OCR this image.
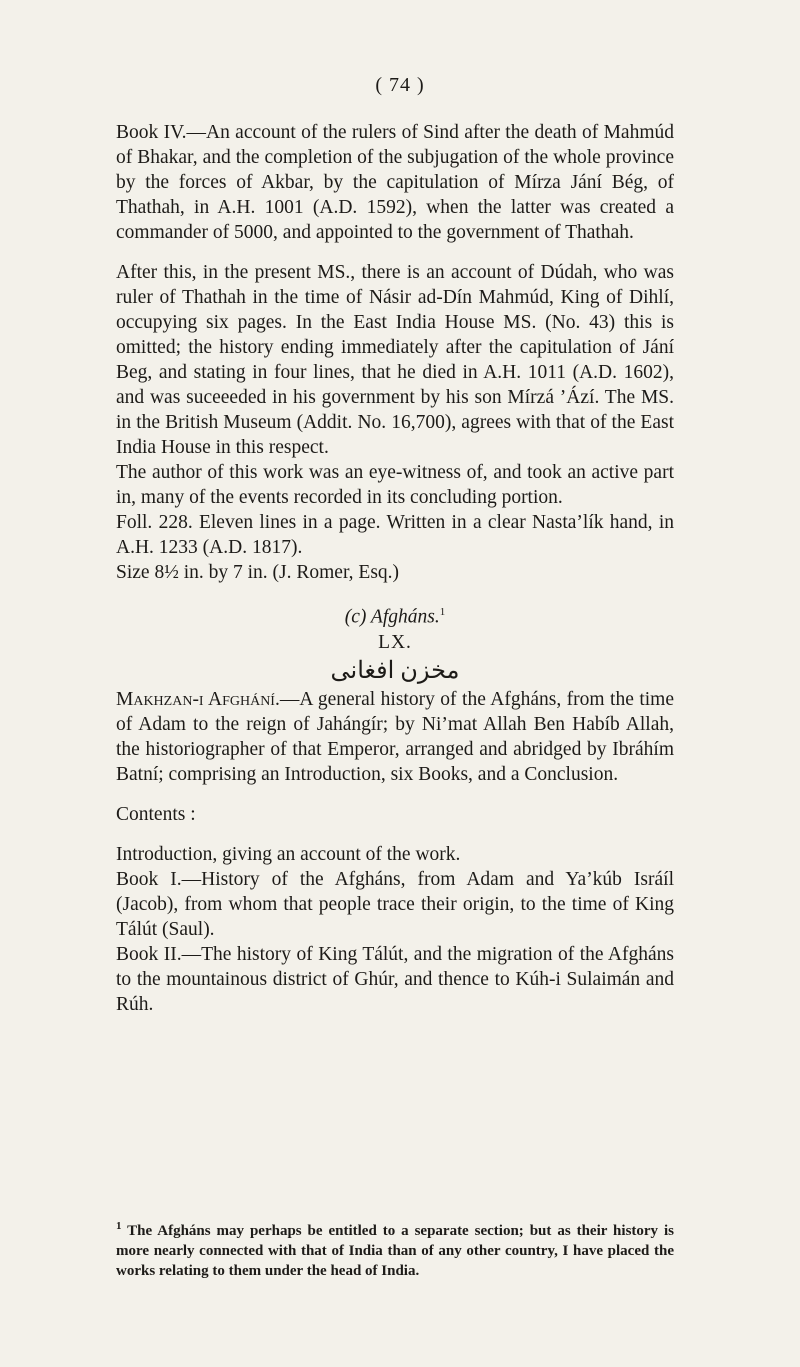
( 74 )

Book IV.—An account of the rulers of Sind after the death of Mahmúd of Bhakar, and the completion of the subjugation of the whole province by the forces of Akbar, by the capitulation of Mírza Jání Bég, of Thathah, in A.H. 1001 (A.D. 1592), when the latter was created a commander of 5000, and appointed to the government of Thathah.

After this, in the present MS., there is an account of Dúdah, who was ruler of Thathah in the time of Násir ad-Dín Mahmúd, King of Dihlí, occupying six pages. In the East India House MS. (No. 43) this is omitted; the history ending immediately after the capitulation of Jání Beg, and stating in four lines, that he died in A.H. 1011 (A.D. 1602), and was suceeeded in his government by his son Mírzá ’Ází. The MS. in the British Museum (Addit. No. 16,700), agrees with that of the East India House in this respect.

The author of this work was an eye-witness of, and took an active part in, many of the events recorded in its concluding portion.

Foll. 228. Eleven lines in a page. Written in a clear Nasta’lík hand, in A.H. 1233 (A.D. 1817).

Size 8½ in. by 7 in. (J. Romer, Esq.)

(c) Afgháns.$^1$

LX.

مخزن افغانی

Makhzan-i Afghání.—A general history of the Afgháns, from the time of Adam to the reign of Jahángír; by Ni’mat Allah Ben Habíb Allah, the historiographer of that Emperor, arranged and abridged by Ibráhím Batní; comprising an Introduction, six Books, and a Conclusion.

Contents :

Introduction, giving an account of the work.

Book I.—History of the Afgháns, from Adam and Ya’kúb Isráíl (Jacob), from whom that people trace their origin, to the time of King Tálút (Saul).

Book II.—The history of King Tálút, and the migration of the Afgháns to the mountainous district of Ghúr, and thence to Kúh-i Sulaimán and Rúh.

$^1$ The Afgháns may perhaps be entitled to a separate section; but as their history is more nearly connected with that of India than of any other country, I have placed the works relating to them under the head of India.
